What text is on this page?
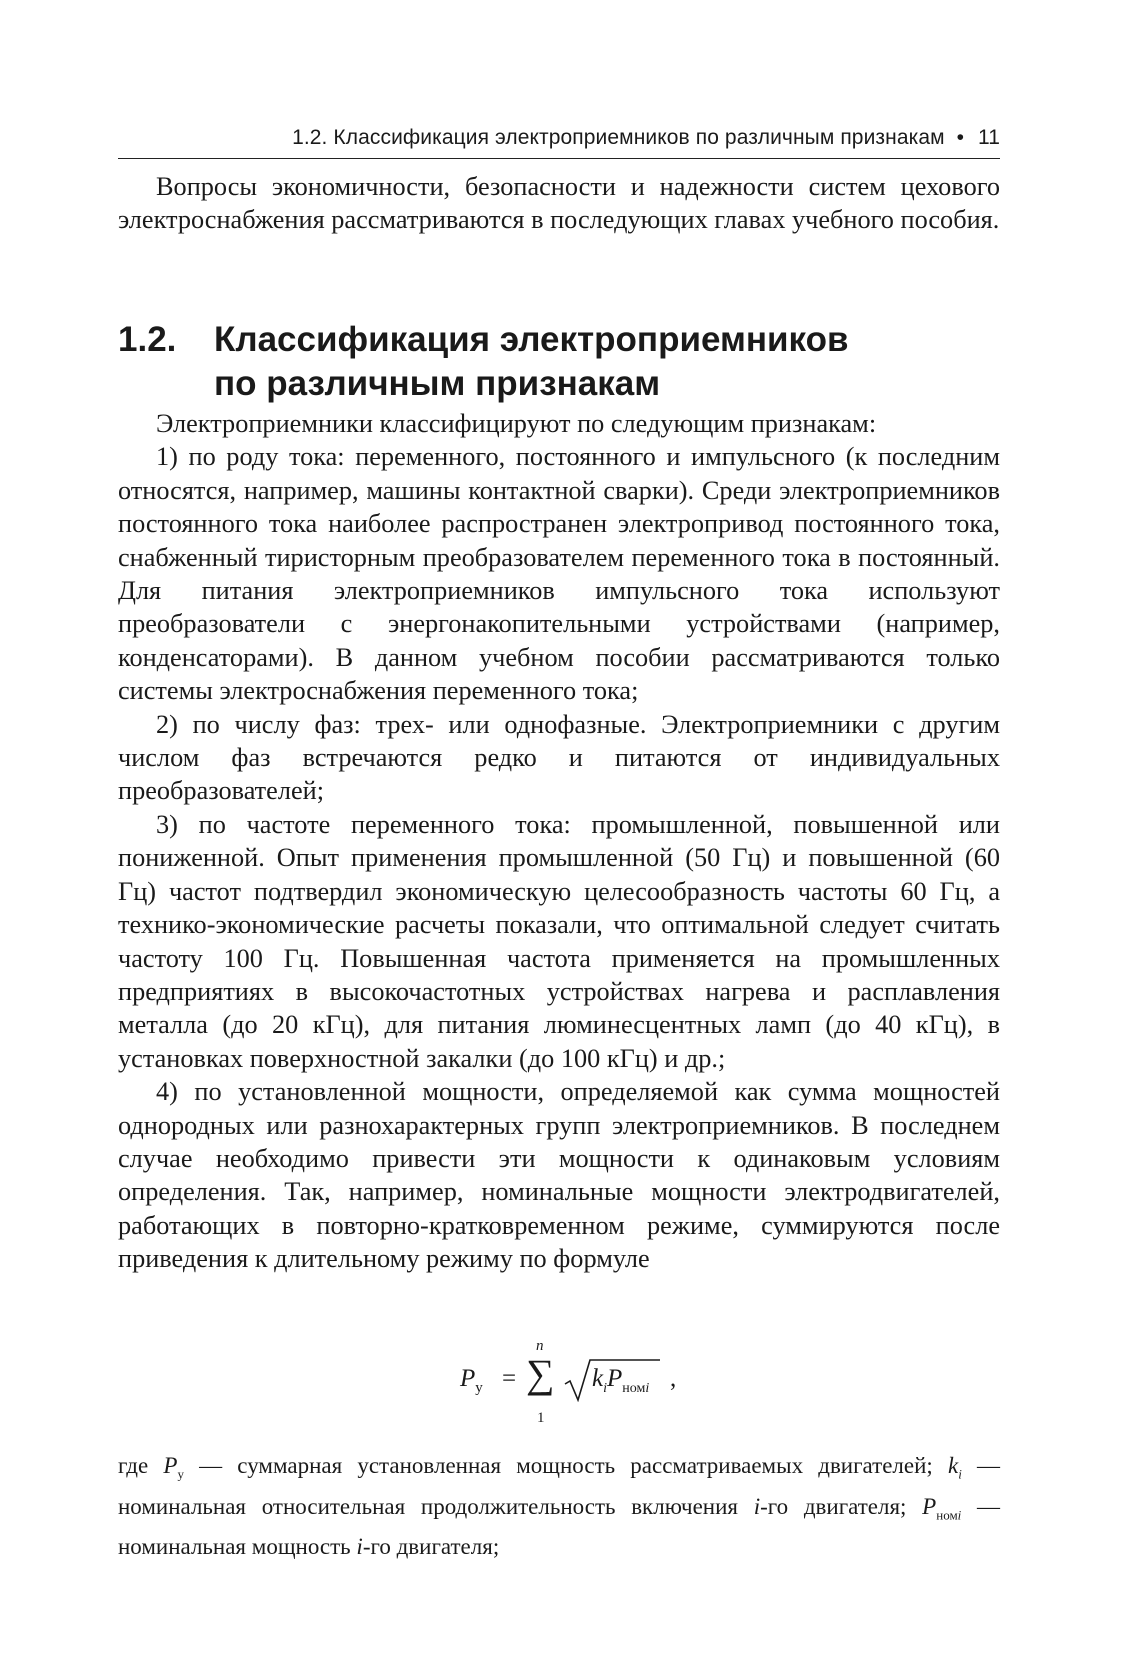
1.2. Классификация электроприемников по различным признакам • 11

Вопросы экономичности, безопасности и надежности систем цехового электроснабжения рассматриваются в последующих главах учебного пособия.

1.2. Классификация электроприемников
по различным признакам

Электроприемники классифицируют по следующим признакам:

1) по роду тока: переменного, постоянного и импульсного (к последним относятся, например, машины контактной сварки). Среди электроприемников постоянного тока наиболее распространен электропривод постоянного тока, снабженный тиристорным преобразователем переменного тока в постоянный. Для питания электроприемников импульсного тока используют преобразователи с энергонакопительными устройствами (например, конденсаторами). В данном учебном пособии рассматриваются только системы электроснабжения переменного тока;

2) по числу фаз: трех- или однофазные. Электроприемники с другим числом фаз встречаются редко и питаются от индивидуальных преобразователей;

3) по частоте переменного тока: промышленной, повышенной или пониженной. Опыт применения промышленной (50 Гц) и повышенной (60 Гц) частот подтвердил экономическую целесообразность частоты 60 Гц, а технико-экономические расчеты показали, что оптимальной следует считать частоту 100 Гц. Повышенная частота применяется на промышленных предприятиях в высокочастотных устройствах нагрева и расплавления металла (до 20 кГц), для питания люминесцентных ламп (до 40 кГц), в установках поверхностной закалки (до 100 кГц) и др.;

4) по установленной мощности, определяемой как сумма мощностей однородных или разнохарактерных групп электроприемников. В последнем случае необходимо привести эти мощности к одинаковым условиям определения. Так, например, номинальные мощности электродвигателей, работающих в повторно-кратковременном режиме, суммируются после приведения к длительному режиму по формуле

$P_у$ =
n
∑
1
$k_iP_{номi}$ ,
где $P_у$ — суммарная установленная мощность рассматриваемых двигателей; $k_i$ — номинальная относительная продолжительность включения i-го двигателя; $P_{номi}$ — номинальная мощность i-го двигателя;
